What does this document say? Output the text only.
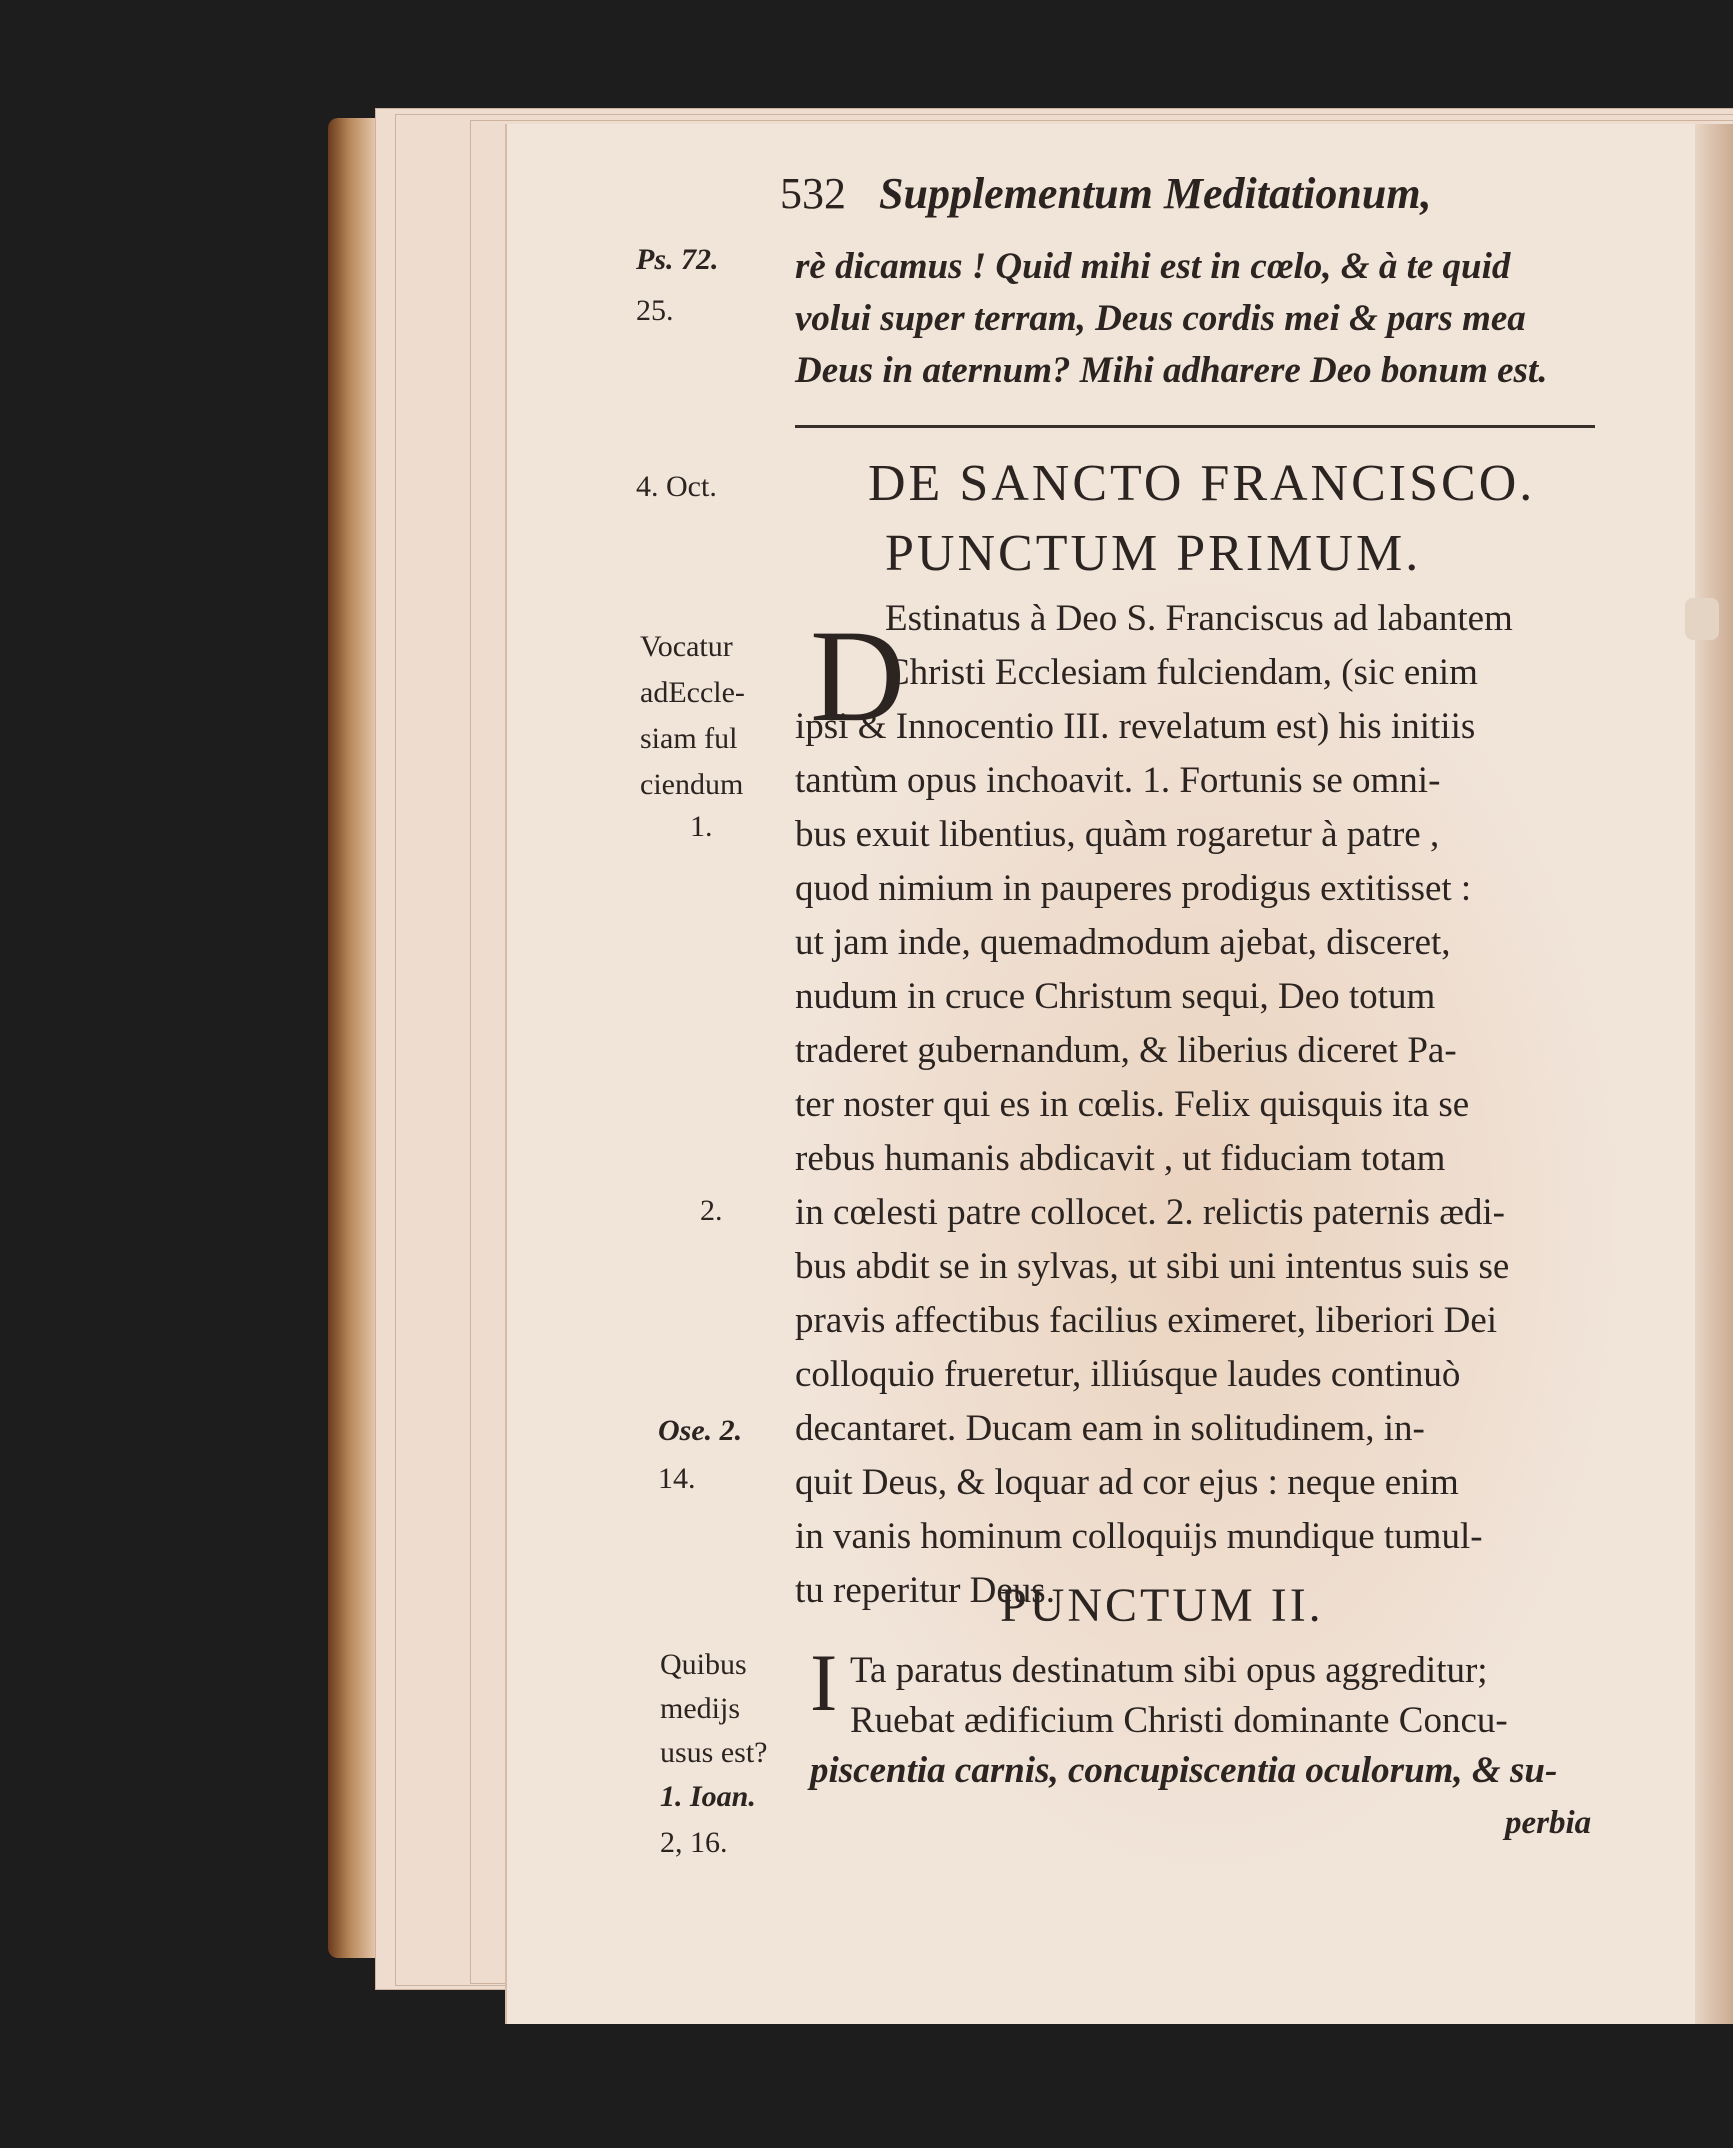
532 Supplementum Meditationum,
Ps. 72.
25.
rè dicamus ! Quid mihi est in cœlo, & à te quid
volui super terram, Deus cordis mei & pars mea
Deus in aternum? Mihi adharere Deo bonum est.
4. Oct.	DE SANCTO FRANCISCO.
PUNCTUM PRIMUM.
D
Estinatus à Deo S. Franciscus ad labantem
Christi Ecclesiam fulciendam, (sic enim
Vocatur
adEccle-
siam ful
ciendum
1.
ipsi & Innocentio III. revelatum est) his initiis
tantùm opus inchoavit. 1. Fortunis se omni-
bus exuit libentius, quàm rogaretur à patre ,
quod nimium in pauperes prodigus extitisset :
ut jam inde, quemadmodum ajebat, disceret,
nudum in cruce Christum sequi, Deo totum
traderet gubernandum, & liberius diceret Pa-
ter noster qui es in cœlis. Felix quisquis ita se
rebus humanis abdicavit , ut fiduciam totam
in cœlesti patre collocet. 2. relictis paternis ædi-
bus abdit se in sylvas, ut sibi uni intentus suis se
pravis affectibus facilius eximeret, liberiori Dei
colloquio frueretur, illiúsque laudes continuò
decantaret. Ducam eam in solitudinem, in-
quit Deus, & loquar ad cor ejus : neque enim
in vanis hominum colloquijs mundique tumul-
tu reperitur Deus.
2.
Ose. 2.
14.
PUNCTUM II.
I Ta paratus destinatum sibi opus aggreditur;
Ruebat ædificium Christi dominante Concu-
piscentia carnis, concupiscentia oculorum, & su-
Quibus
medijs
usus est?
1. Ioan.
2, 16.
perbia
